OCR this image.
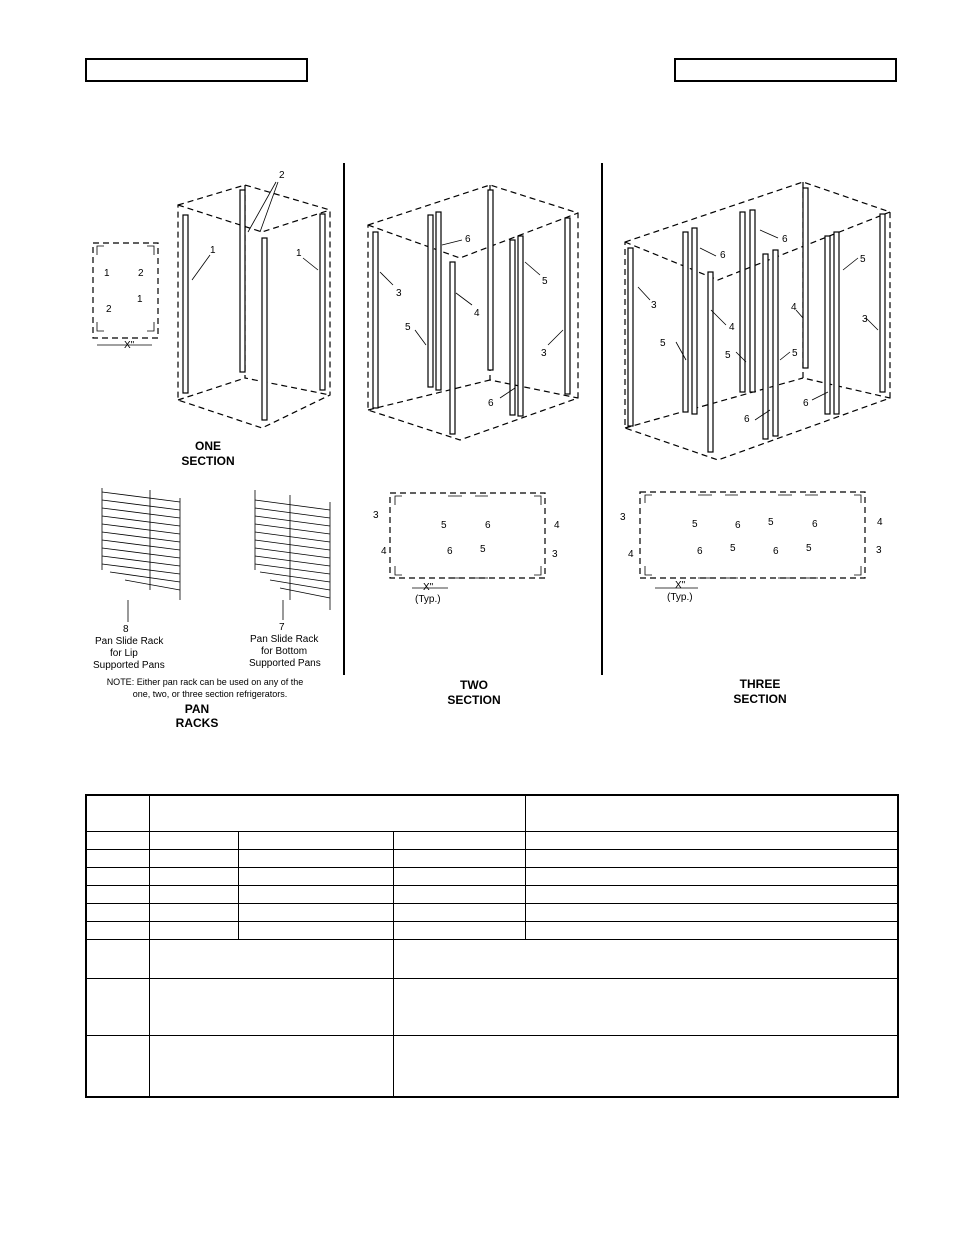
1	2
2
1
X"
2
1	1
ONE
SECTION
8
Pan Slide Rack
for Lip
Supported Pans
7
Pan Slide Rack
for Bottom
Supported Pans
NOTE: Either pan rack can be used on any of the
one, two, or three section refrigerators.
PAN
RACKS
6
4
5
3
3
5
6
3
5	6	4
4	6	5	3
X"
(Typ.)
TWO
SECTION
6
6
4
5
3
4
3
5
5	5
6
6
3
5	6	5	6	4
4	6	5	6	5	3
X"
(Typ.)
THREE
SECTION
